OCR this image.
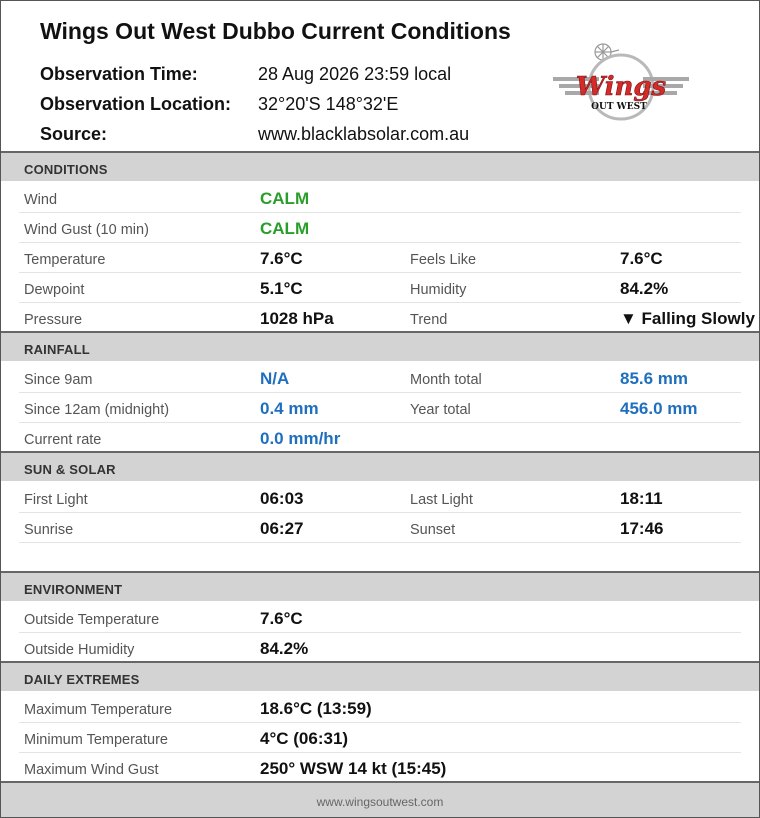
Wings Out West Dubbo Current Conditions
Observation Time:	28 Aug 2026 23:59 local
Observation Location: 32°20'S 148°32'E
Source:	www.blacklabsolar.com.au
Wings
OUT WEST
CONDITIONS
Wind	CALM
Wind Gust (10 min)	CALM
Temperature	7.6°C	Feels Like	7.6°C
Dewpoint	5.1°C	Humidity	84.2%
Pressure	1028 hPa	Trend	▼ Falling Slowly
RAINFALL
Since 9am	N/A	Month total	85.6 mm
Since 12am (midnight)	0.4 mm	Year total	456.0 mm
Current rate	0.0 mm/hr
SUN & SOLAR
First Light	06:03	Last Light	18:11
Sunrise	06:27	Sunset	17:46
ENVIRONMENT
Outside Temperature	7.6°C
Outside Humidity	84.2%
DAILY EXTREMES
Maximum Temperature	18.6°C (13:59)
Minimum Temperature	4°C (06:31)
Maximum Wind Gust	250° WSW 14 kt (15:45)
www.wingsoutwest.com
